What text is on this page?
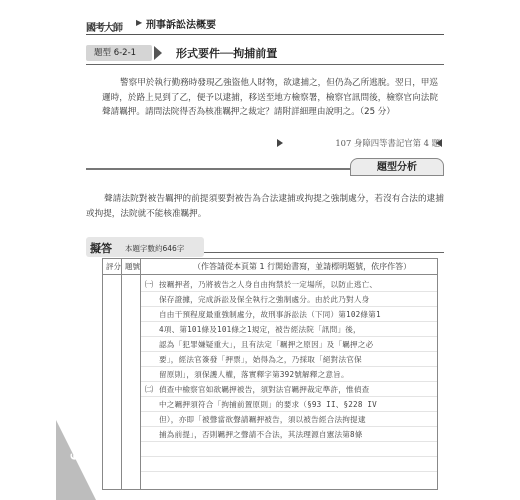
國考大師
▶ 刑事訴訟法概要
題型 6-2-1	形式要件──拘捕前置
警察甲於執行勤務時發現乙強盜他人財物，欲逮捕之，但仍為乙所逃脫。翌日，甲巡邏時，於路上見到了乙，便予以逮捕，移送至地方檢察署，檢察官訊問後，檢察官向法院聲請羈押。請問法院得否為核准羈押之裁定？請附詳細理由說明之。（25 分）
107 身障四等書記官第 4 題
題型分析
聲請法院對被告羈押的前提須要對被告為合法逮捕或拘提之強制處分，若沒有合法的逮捕或拘提，法院就不能核准羈押。
擬答 本題字數約646字
評分 題號	（作答請從本頁第 1 行開始書寫，並請標明題號，依序作答）
㈠
㈡
按羈押者，乃將被告之人身自由拘禁於一定場所，以防止逃亡、
保存證據，完成訴訟及保全執行之強制處分。由於此乃對人身
自由干預程度最重強制處分，故刑事訴訟法（下同）第102條第1
4項、第101條及101條之1規定，被告經法院「訊問」後，
認為「犯罪嫌疑重大」，且有法定「羈押之原因」及「羈押之必
要」，經法官簽發「押票」，始得為之，乃採取「絕對法官保
留原則」，須保護人權，落實釋字第392號解釋之意旨。
偵查中檢察官如欲羈押被告，須對法官羈押裁定準許，惟偵查
中之羈押須符合「拘捕前置原則」的要求（§93 II、§228 IV
但），亦即「被聲當欲聲請羈押被告，須以被告經合法拘提逮
捕為前提」，否則羈押之聲請不合法，其法理源自憲法第8條
6-20
